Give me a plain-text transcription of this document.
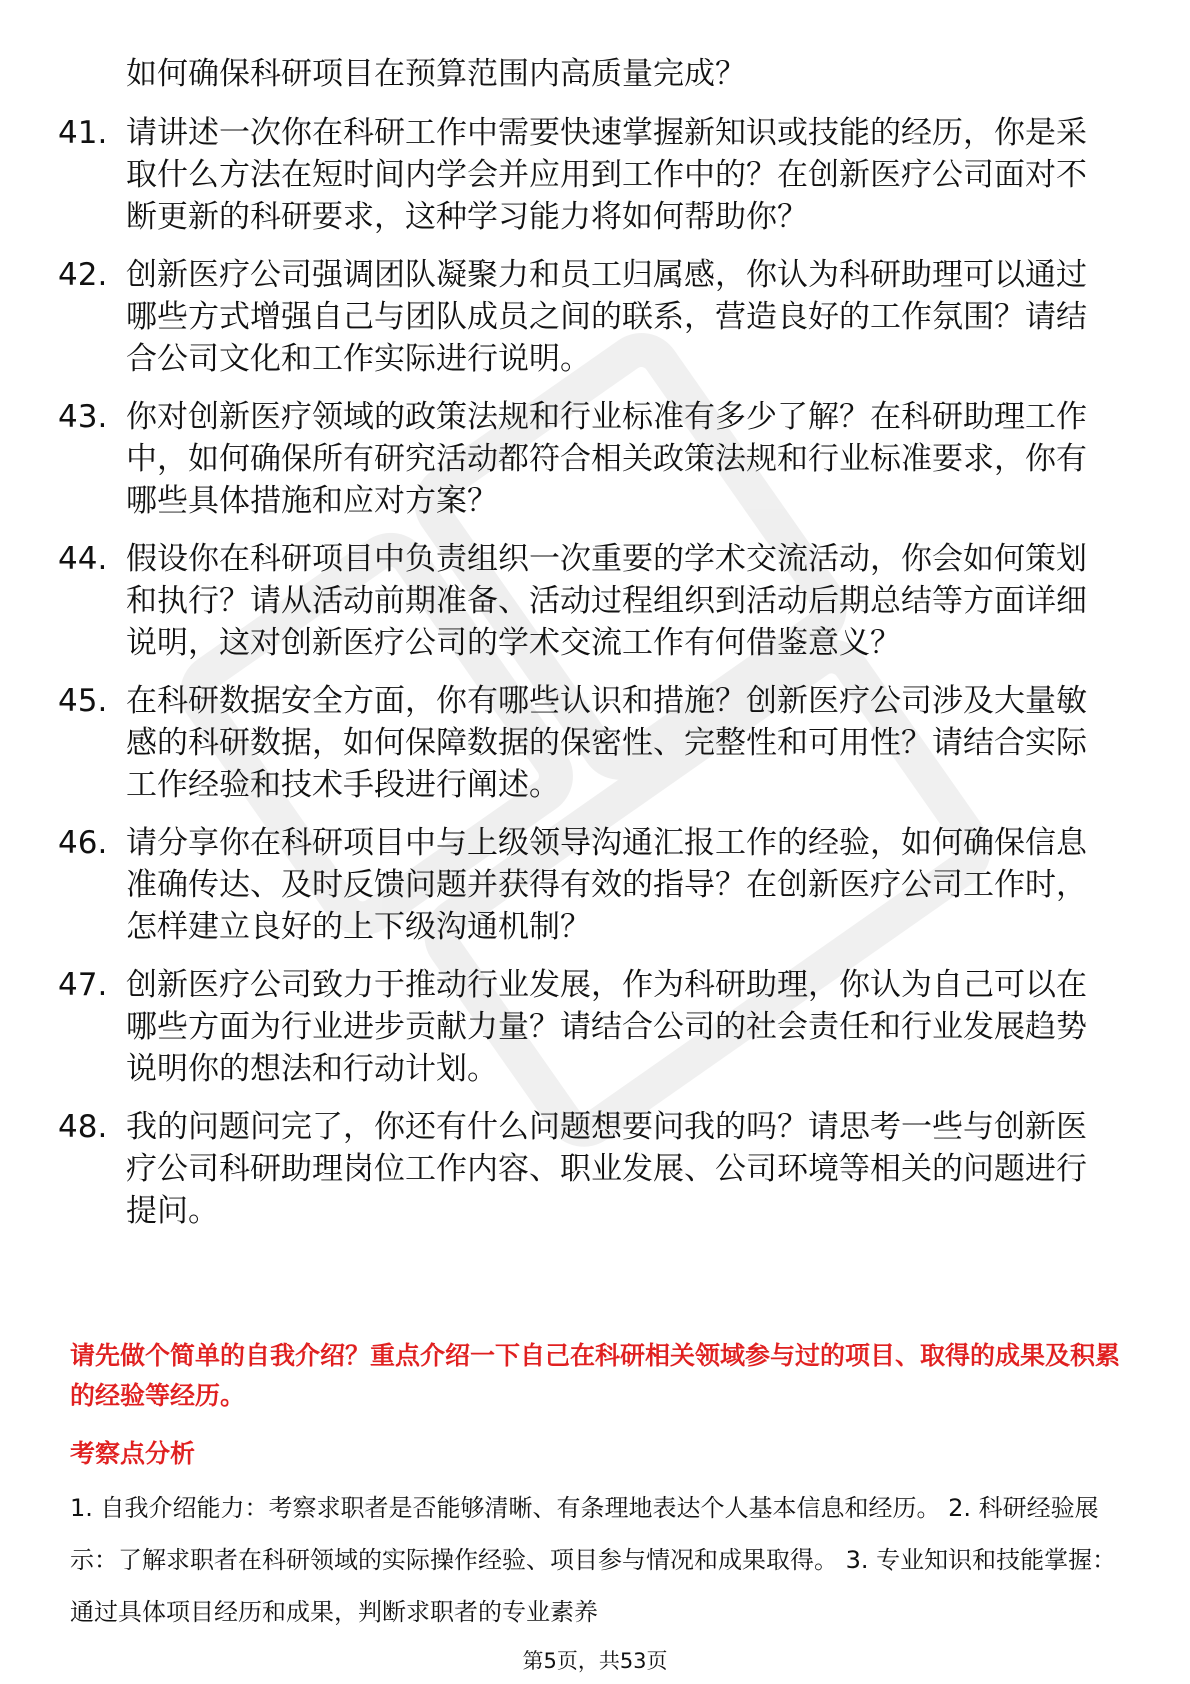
如何确保科研项目在预算范围内高质量完成？
41. 请讲述一次你在科研工作中需要快速掌握新知识或技能的经历，你是采取什么方法在短时间内学会并应用到工作中的？在创新医疗公司面对不断更新的科研要求，这种学习能力将如何帮助你？
42. 创新医疗公司强调团队凝聚力和员工归属感，你认为科研助理可以通过哪些方式增强自己与团队成员之间的联系，营造良好的工作氛围？请结合公司文化和工作实际进行说明。
43. 你对创新医疗领域的政策法规和行业标准有多少了解？在科研助理工作中，如何确保所有研究活动都符合相关政策法规和行业标准要求，你有哪些具体措施和应对方案？
44. 假设你在科研项目中负责组织一次重要的学术交流活动，你会如何策划和执行？请从活动前期准备、活动过程组织到活动后期总结等方面详细说明，这对创新医疗公司的学术交流工作有何借鉴意义？
45. 在科研数据安全方面，你有哪些认识和措施？创新医疗公司涉及大量敏感的科研数据，如何保障数据的保密性、完整性和可用性？请结合实际工作经验和技术手段进行阐述。
46. 请分享你在科研项目中与上级领导沟通汇报工作的经验，如何确保信息准确传达、及时反馈问题并获得有效的指导？在创新医疗公司工作时，怎样建立良好的上下级沟通机制？
47. 创新医疗公司致力于推动行业发展，作为科研助理，你认为自己可以在哪些方面为行业进步贡献力量？请结合公司的社会责任和行业发展趋势说明你的想法和行动计划。
48. 我的问题问完了，你还有什么问题想要问我的吗？请思考一些与创新医疗公司科研助理岗位工作内容、职业发展、公司环境等相关的问题进行提问。
请先做个简单的自我介绍？重点介绍一下自己在科研相关领域参与过的项目、取得的成果及积累的经验等经历。
考察点分析
1. 自我介绍能力：考察求职者是否能够清晰、有条理地表达个人基本信息和经历。 2. 科研经验展示：了解求职者在科研领域的实际操作经验、项目参与情况和成果取得。 3. 专业知识和技能掌握：通过具体项目经历和成果，判断求职者的专业素养
第5页，共53页
